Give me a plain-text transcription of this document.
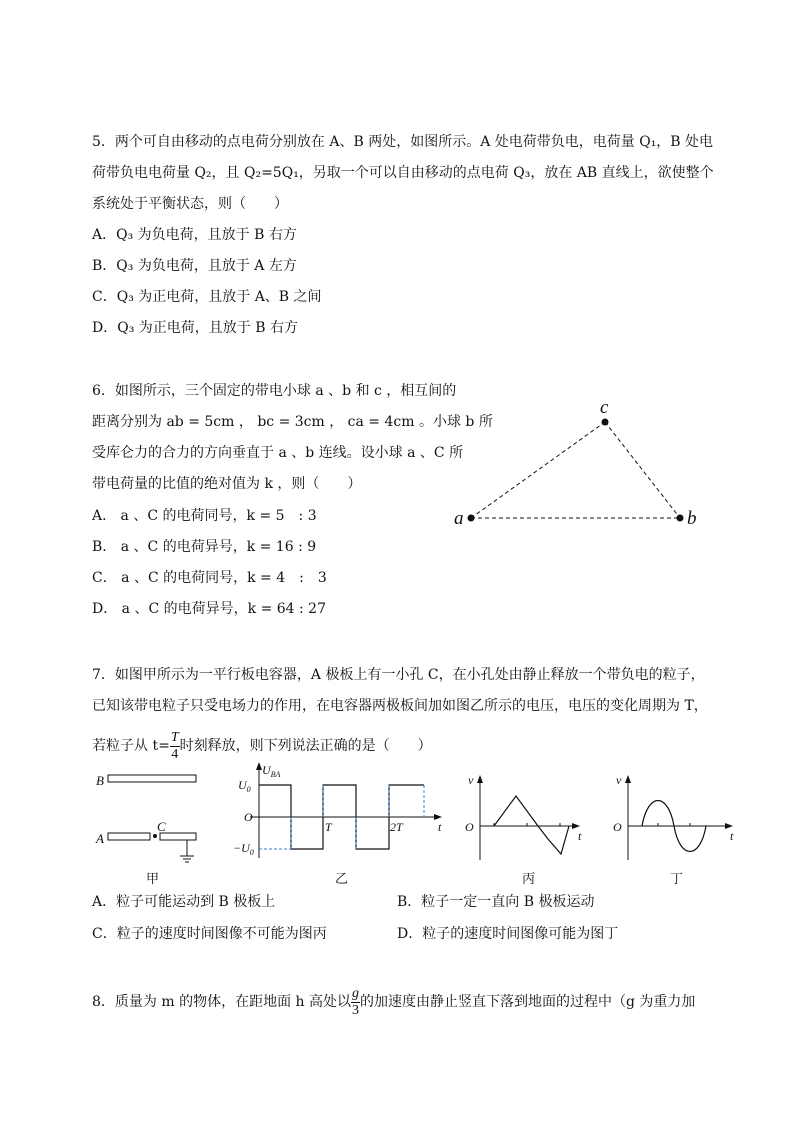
5．两个可自由移动的点电荷分别放在 A、B 两处，如图所示。A 处电荷带负电，电荷量 Q₁，B 处电
荷带负电电荷量 Q₂，且 Q₂=5Q₁，另取一个可以自由移动的点电荷 Q₃，放在 AB 直线上，欲使整个
系统处于平衡状态，则（　　）
A．Q₃ 为负电荷，且放于 B 右方
B．Q₃ 为负电荷，且放于 A 左方
C．Q₃ 为正电荷，且放于 A、B 之间
D．Q₃ 为正电荷，且放于 B 右方
6．如图所示，三个固定的带电小球 a 、b 和 c ，相互间的
距离分别为 ab = 5cm ， bc = 3cm ， ca = 4cm 。小球 b 所
受库仑力的合力的方向垂直于 a 、b 连线。设小球 a 、C 所
带电荷量的比值的绝对值为 k ，则（　　）
A． a 、C 的电荷同号，k = 5　: 3
B． a 、C 的电荷异号，k = 16 : 9
C． a 、C 的电荷同号，k = 4　:　3
D． a 、C 的电荷异号，k = 64 : 27
a	b
c
7．如图甲所示为一平行板电容器，A 极板上有一小孔 C，在小孔处由静止释放一个带负电的粒子，
已知该带电粒子只受电场力的作用，在电容器两极板间加如图乙所示的电压，电压的变化周期为 T，
若粒子从 $t= \frac{T}{4}$ 时刻释放，则下列说法正确的是（　　）
B
A
C
甲
$U_{BA}$
$U_0$
O
$-U_0$
T	2T	t
乙
v
O
t
丙
v
O
t
丁
A．粒子可能运动到 B 极板上	B．粒子一定一直向 B 极板运动
C．粒子的速度时间图像不可能为图丙	D．粒子的速度时间图像可能为图丁
8．质量为 m 的物体，在距地面 h 高处以 $\frac{g}{3}$ 的加速度由静止竖直下落到地面的过程中（g 为重力加
